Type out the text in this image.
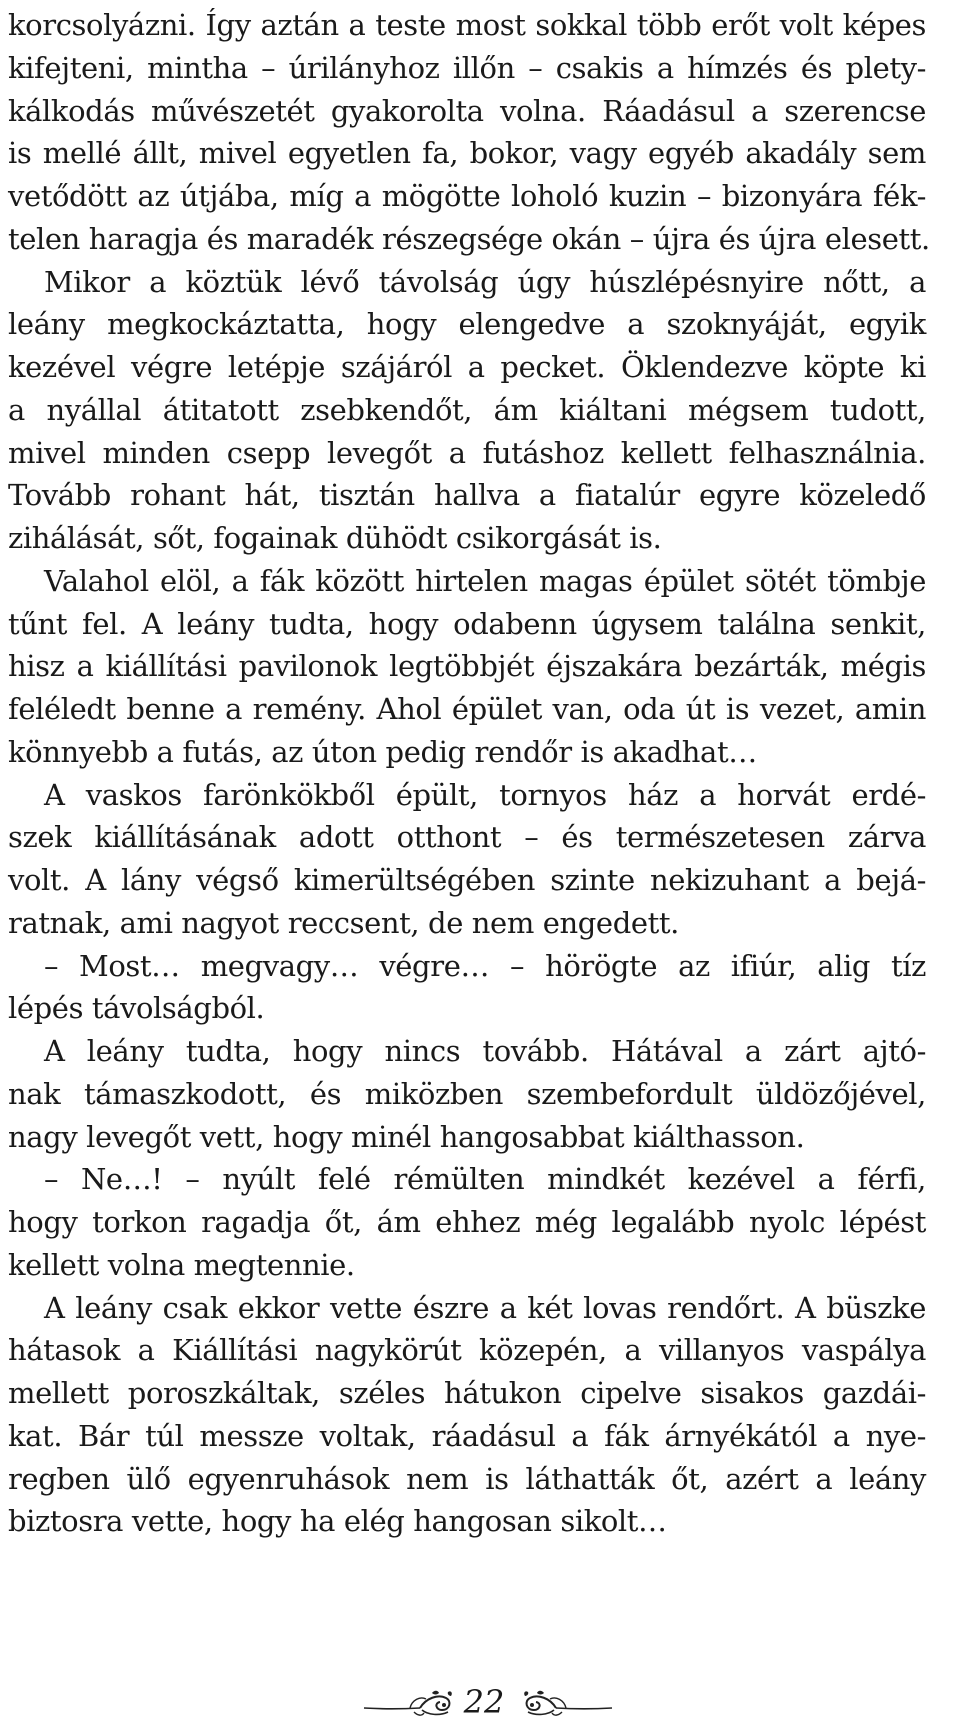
korcsolyázni. Így aztán a teste most sokkal több erőt volt képes
kifejteni, mintha – úrilányhoz illőn – csakis a hímzés és plety-
kálkodás művészetét gyakorolta volna. Ráadásul a szerencse
is mellé állt, mivel egyetlen fa, bokor, vagy egyéb akadály sem
vetődött az útjába, míg a mögötte loholó kuzin – bizonyára fék-
telen haragja és maradék részegsége okán – újra és újra elesett.
Mikor a köztük lévő távolság úgy húszlépésnyire nőtt, a
leány megkockáztatta, hogy elengedve a szoknyáját, egyik
kezével végre letépje szájáról a pecket. Öklendezve köpte ki
a nyállal átitatott zsebkendőt, ám kiáltani mégsem tudott,
mivel minden csepp levegőt a futáshoz kellett felhasználnia.
Tovább rohant hát, tisztán hallva a fiatalúr egyre közeledő
zihálását, sőt, fogainak dühödt csikorgását is.
Valahol elöl, a fák között hirtelen magas épület sötét tömbje
tűnt fel. A leány tudta, hogy odabenn úgysem találna senkit,
hisz a kiállítási pavilonok legtöbbjét éjszakára bezárták, mégis
feléledt benne a remény. Ahol épület van, oda út is vezet, amin
könnyebb a futás, az úton pedig rendőr is akadhat…
A vaskos farönkökből épült, tornyos ház a horvát erdé-
szek kiállításának adott otthont – és természetesen zárva
volt. A lány végső kimerültségében szinte nekizuhant a bejá-
ratnak, ami nagyot reccsent, de nem engedett.
– Most… megvagy… végre… – hörögte az ifiúr, alig tíz
lépés távolságból.
A leány tudta, hogy nincs tovább. Hátával a zárt ajtó-
nak támaszkodott, és miközben szembefordult üldözőjével,
nagy levegőt vett, hogy minél hangosabbat kiálthasson.
– Ne…! – nyúlt felé rémülten mindkét kezével a férfi,
hogy torkon ragadja őt, ám ehhez még legalább nyolc lépést
kellett volna megtennie.
A leány csak ekkor vette észre a két lovas rendőrt. A büszke
hátasok a Kiállítási nagykörút közepén, a villanyos vaspálya
mellett poroszkáltak, széles hátukon cipelve sisakos gazdái-
kat. Bár túl messze voltak, ráadásul a fák árnyékától a nye-
regben ülő egyenruhások nem is láthatták őt, azért a leány
biztosra vette, hogy ha elég hangosan sikolt…
22
